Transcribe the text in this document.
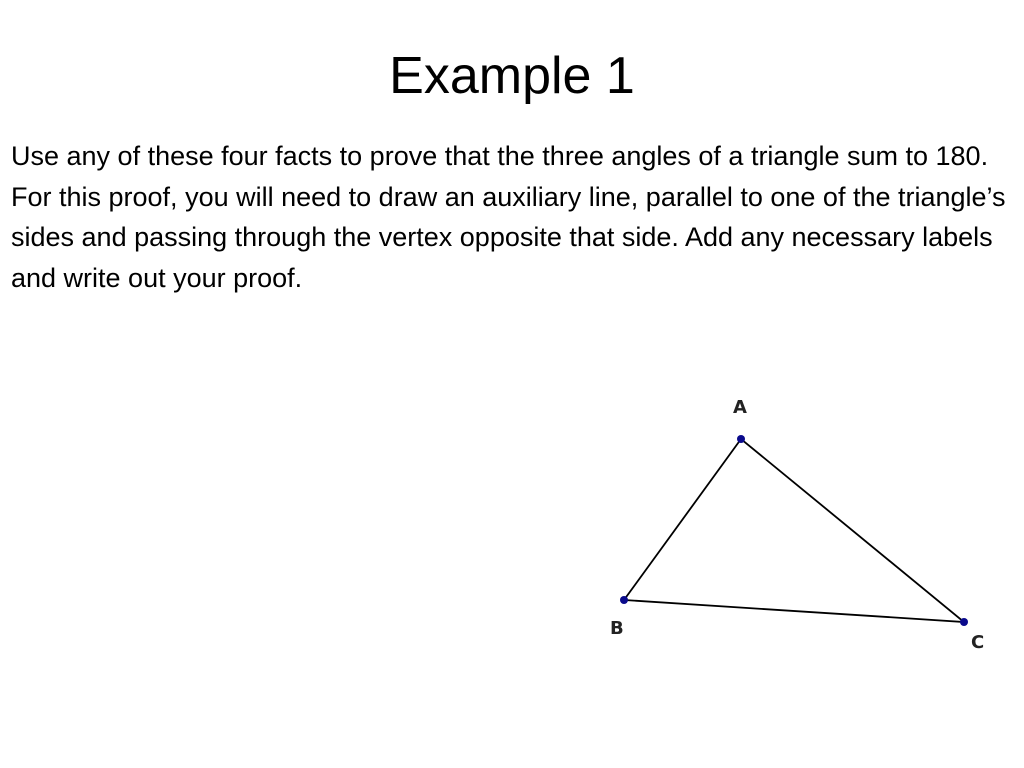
Example 1

Use any of these four facts to prove that the three angles of a triangle sum to 180. For this proof, you will need to draw an auxiliary line, parallel to one of the triangle’s sides and passing through the vertex opposite that side. Add any necessary labels and write out your proof.

A
B
C
